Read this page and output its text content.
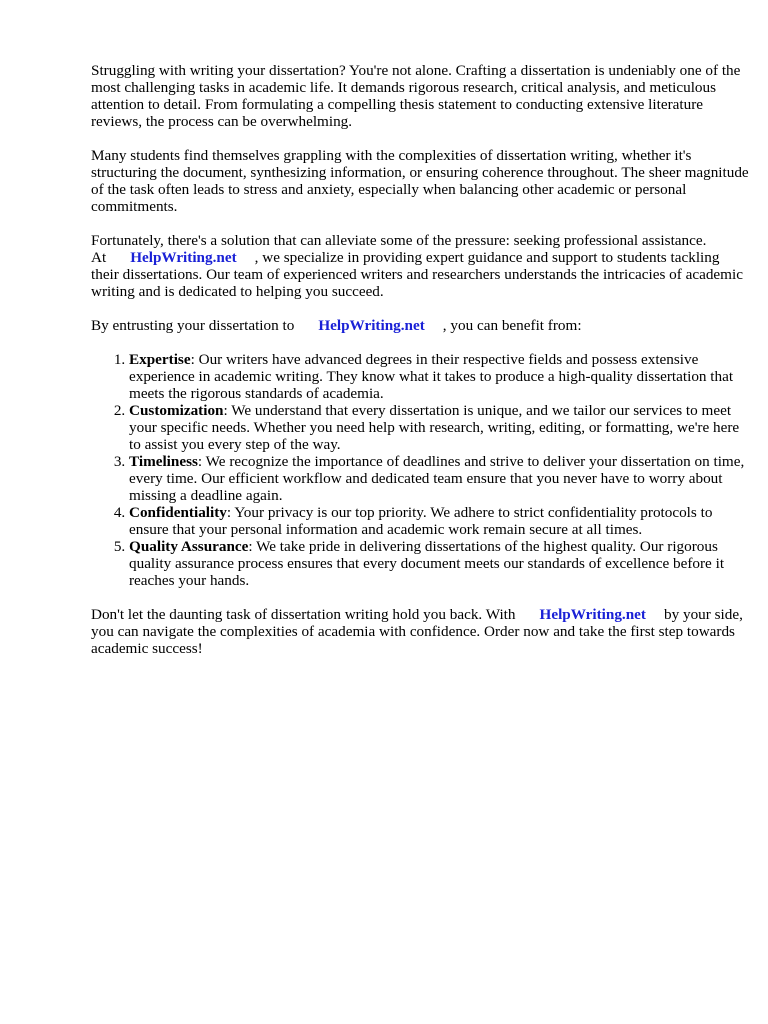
Struggling with writing your dissertation? You're not alone. Crafting a dissertation is undeniably one of the most challenging tasks in academic life. It demands rigorous research, critical analysis, and meticulous attention to detail. From formulating a compelling thesis statement to conducting extensive literature reviews, the process can be overwhelming.

Many students find themselves grappling with the complexities of dissertation writing, whether it's structuring the document, synthesizing information, or ensuring coherence throughout. The sheer magnitude of the task often leads to stress and anxiety, especially when balancing other academic or personal commitments.

Fortunately, there's a solution that can alleviate some of the pressure: seeking professional assistance. At HelpWriting.net , we specialize in providing expert guidance and support to students tackling their dissertations. Our team of experienced writers and researchers understands the intricacies of academic writing and is dedicated to helping you succeed.

By entrusting your dissertation to HelpWriting.net , you can benefit from:

1. Expertise: Our writers have advanced degrees in their respective fields and possess extensive experience in academic writing. They know what it takes to produce a high-quality dissertation that meets the rigorous standards of academia.
2. Customization: We understand that every dissertation is unique, and we tailor our services to meet your specific needs. Whether you need help with research, writing, editing, or formatting, we're here to assist you every step of the way.
3. Timeliness: We recognize the importance of deadlines and strive to deliver your dissertation on time, every time. Our efficient workflow and dedicated team ensure that you never have to worry about missing a deadline again.
4. Confidentiality: Your privacy is our top priority. We adhere to strict confidentiality protocols to ensure that your personal information and academic work remain secure at all times.
5. Quality Assurance: We take pride in delivering dissertations of the highest quality. Our rigorous quality assurance process ensures that every document meets our standards of excellence before it reaches your hands.

Don't let the daunting task of dissertation writing hold you back. With HelpWriting.net by your side, you can navigate the complexities of academia with confidence. Order now and take the first step towards academic success!
